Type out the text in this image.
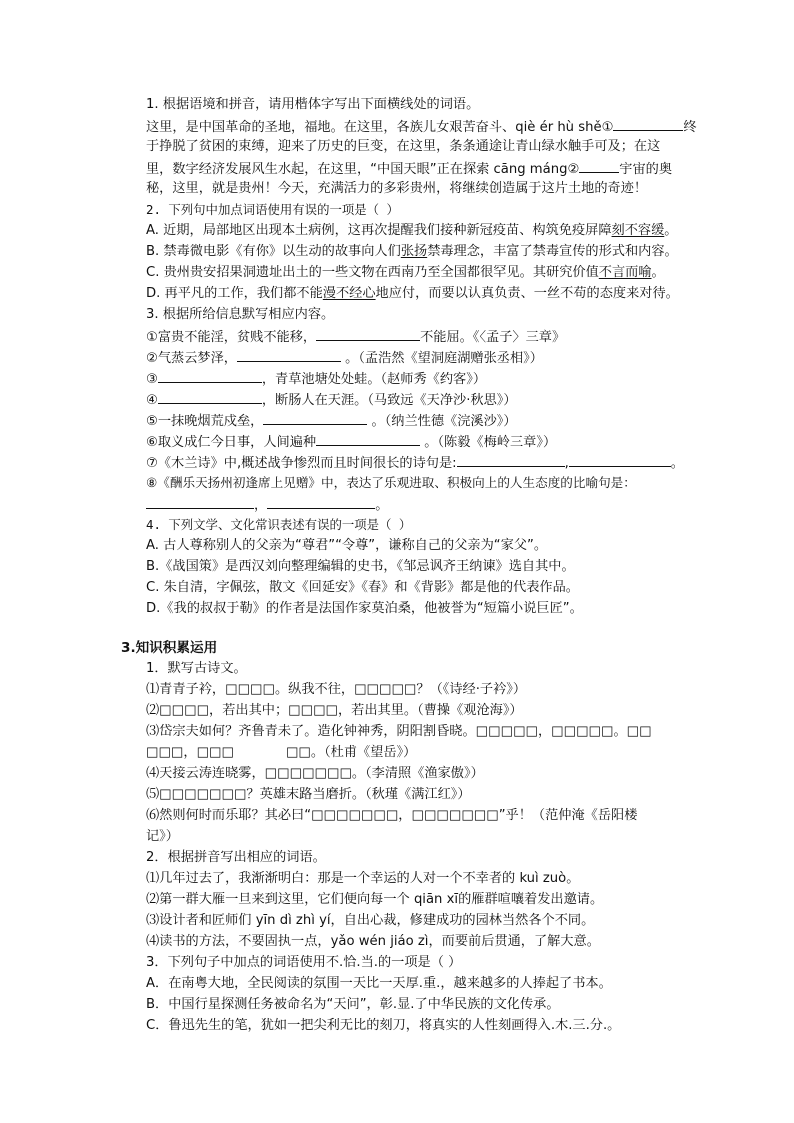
1. 根据语境和拼音，请用楷体字写出下面横线处的词语。
这里，是中国革命的圣地，福地。在这里，各族儿女艰苦奋斗、qiè ér hù shě①	终
于挣脱了贫困的束缚，迎来了历史的巨变，在这里，条条通途让青山绿水触手可及；在这
里，数字经济发展风生水起，在这里，“中国天眼”正在探索 cāng máng②	宇宙的奥
秘，这里，就是贵州！今天，充满活力的多彩贵州，将继续创造属于这片土地的奇迹！
2. 下列句中加点词语使用有误的一项是（ ）
A. 近期，局部地区出现本土病例，这再次提醒我们接种新冠疫苗、构筑免疫屏障刻不容缓。
B. 禁毒微电影《有你》以生动的故事向人们张扬禁毒理念，丰富了禁毒宣传的形式和内容。
C. 贵州贵安招果洞遗址出土的一些文物在西南乃至全国都很罕见。其研究价值不言而喻。
D. 再平凡的工作，我们都不能漫不经心地应付，而要以认真负责、一丝不苟的态度来对待。
3. 根据所给信息默写相应内容。
①富贵不能淫，贫贱不能移，	不能屈。《〈孟子〉三章》
②气蒸云梦泽，	。（孟浩然《望洞庭湖赠张丞相》）
③	，青草池塘处处蛙。（赵师秀《约客》）
④	，断肠人在天涯。（马致远《天净沙·秋思》）
⑤一抹晚烟荒戍垒，	。（纳兰性德《浣溪沙》）
⑥取义成仁今日事，人间遍种	。（陈毅《梅岭三章》）
⑦《木兰诗》中,概述战争惨烈而且时间很长的诗句是:	,	。
⑧《酬乐天扬州初逢席上见赠》中，表达了乐观进取、积极向上的人生态度的比喻句是：
，	。
4. 下列文学、文化常识表述有误的一项是（ ）
A. 古人尊称别人的父亲为“尊君”“令尊”，谦称自己的父亲为“家父”。
B.《战国策》是西汉刘向整理编辑的史书，《邹忌讽齐王纳谏》选自其中。
C. 朱自清，字佩弦，散文《回延安》《春》和《背影》都是他的代表作品。
D.《我的叔叔于勒》的作者是法国作家莫泊桑，他被誉为“短篇小说巨匠”。
3.知识积累运用
1．默写古诗文。
⑴青青子衿，□□□□。纵我不往，□□□□□？（《诗经·子衿》）
⑵□□□□，若出其中；□□□□，若出其里。（曹操《观沧海》）
⑶岱宗夫如何？齐鲁青未了。造化钟神秀，阴阳割昏晓。□□□□□，□□□□□。□□
□□□，□□□	□□。（杜甫《望岳》）
⑷天接云涛连晓雾，□□□□□□□。（李清照《渔家傲》）
⑸□□□□□□□？英雄末路当磨折。（秋瑾《满江红》）
⑹然则何时而乐耶？其必曰“□□□□□□□，□□□□□□□”乎！（范仲淹《岳阳楼
记》）
2．根据拼音写出相应的词语。
⑴几年过去了，我渐渐明白：那是一个幸运的人对一个不幸者的 kuì zuò。
⑵第一群大雁一旦来到这里，它们便向每一个 qiān xī的雁群喧嚷着发出邀请。
⑶设计者和匠师们 yīn dì zhì yí，自出心裁，修建成功的园林当然各个不同。
⑷读书的方法，不要固执一点，yǎo wén jiáo zì，而要前后贯通，了解大意。
3．下列句子中加点的词语使用不.恰.当.的一项是（ ）
A．在南粤大地，全民阅读的氛围一天比一天厚.重.，越来越多的人捧起了书本。
B．中国行星探测任务被命名为“天问”，彰.显.了中华民族的文化传承。
C．鲁迅先生的笔，犹如一把尖利无比的刻刀，将真实的人性刻画得入.木.三.分.。
